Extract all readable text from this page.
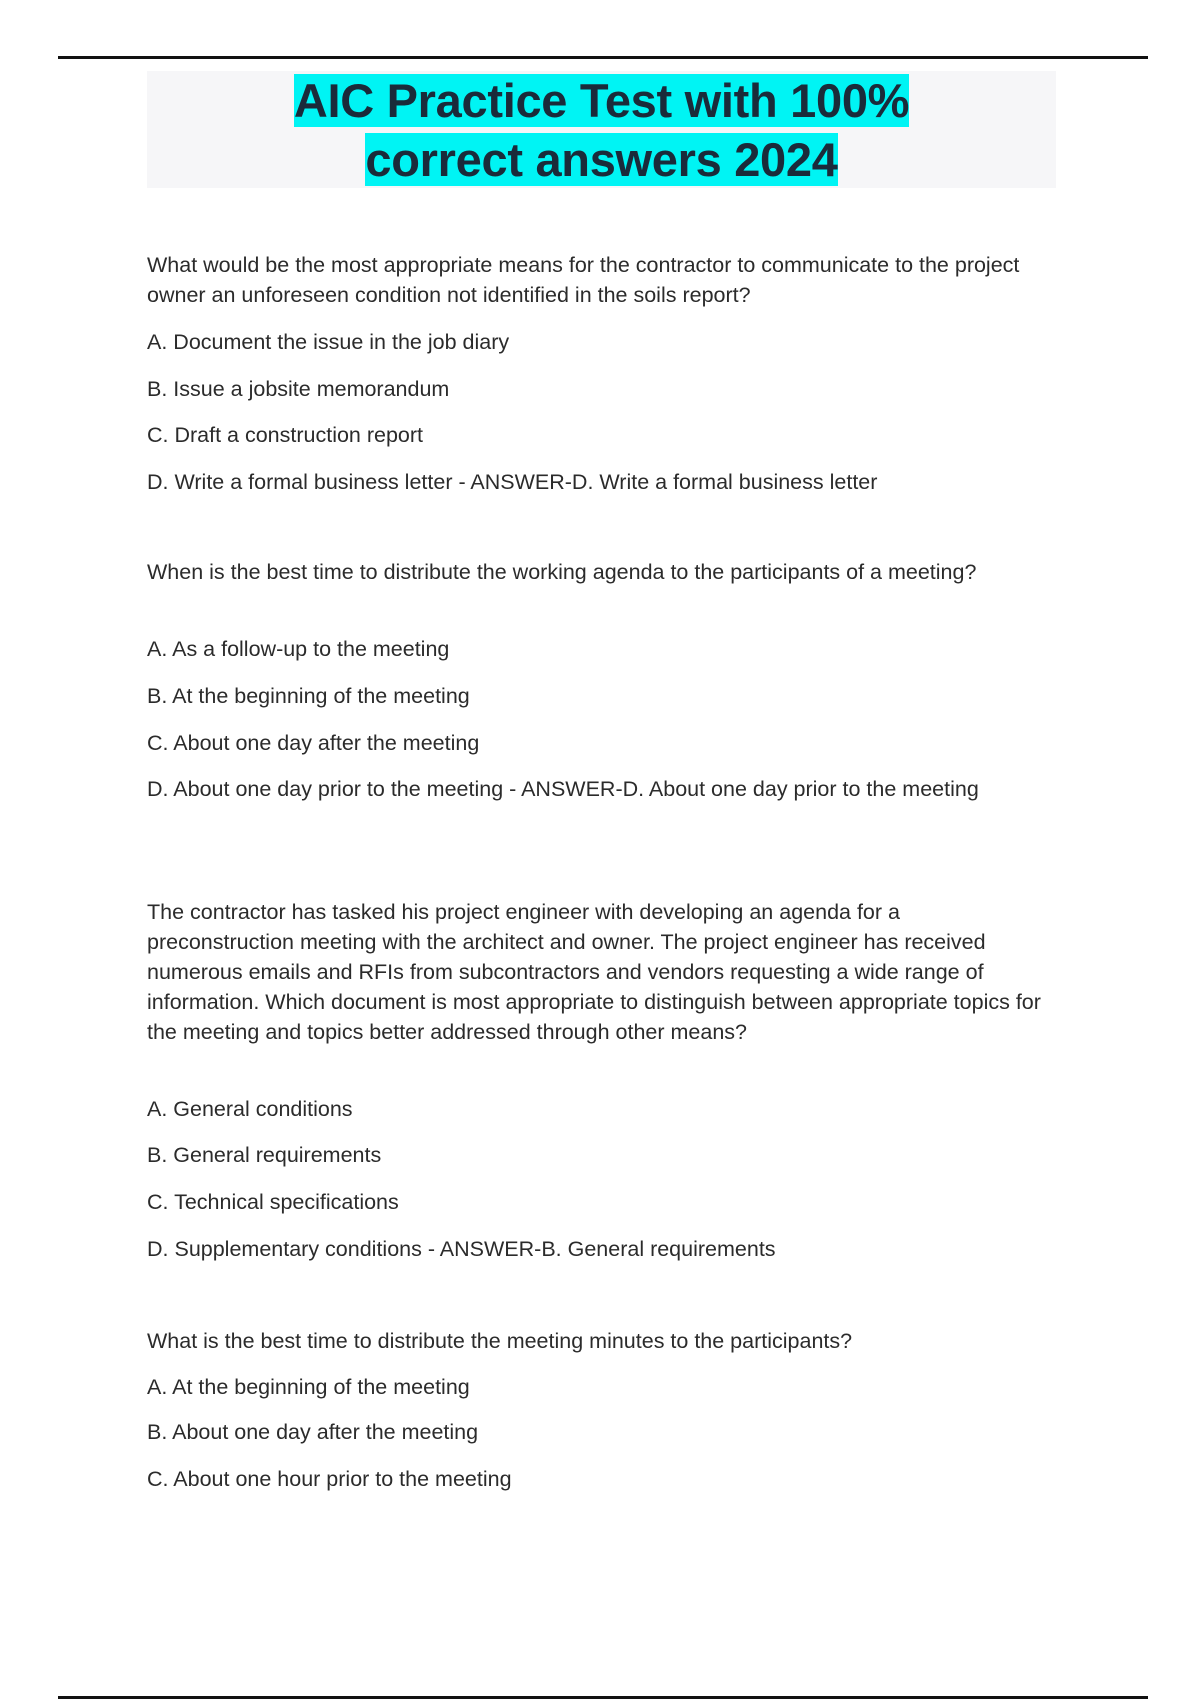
AIC Practice Test with 100% correct answers 2024
What would be the most appropriate means for the contractor to communicate to the project owner an unforeseen condition not identified in the soils report?
A. Document the issue in the job diary
B. Issue a jobsite memorandum
C. Draft a construction report
D. Write a formal business letter - ANSWER-D. Write a formal business letter
When is the best time to distribute the working agenda to the participants of a meeting?
A. As a follow-up to the meeting
B. At the beginning of the meeting
C. About one day after the meeting
D. About one day prior to the meeting - ANSWER-D. About one day prior to the meeting
The contractor has tasked his project engineer with developing an agenda for a preconstruction meeting with the architect and owner. The project engineer has received numerous emails and RFIs from subcontractors and vendors requesting a wide range of information. Which document is most appropriate to distinguish between appropriate topics for the meeting and topics better addressed through other means?
A. General conditions
B. General requirements
C. Technical specifications
D. Supplementary conditions - ANSWER-B. General requirements
What is the best time to distribute the meeting minutes to the participants?
A. At the beginning of the meeting
B. About one day after the meeting
C. About one hour prior to the meeting
